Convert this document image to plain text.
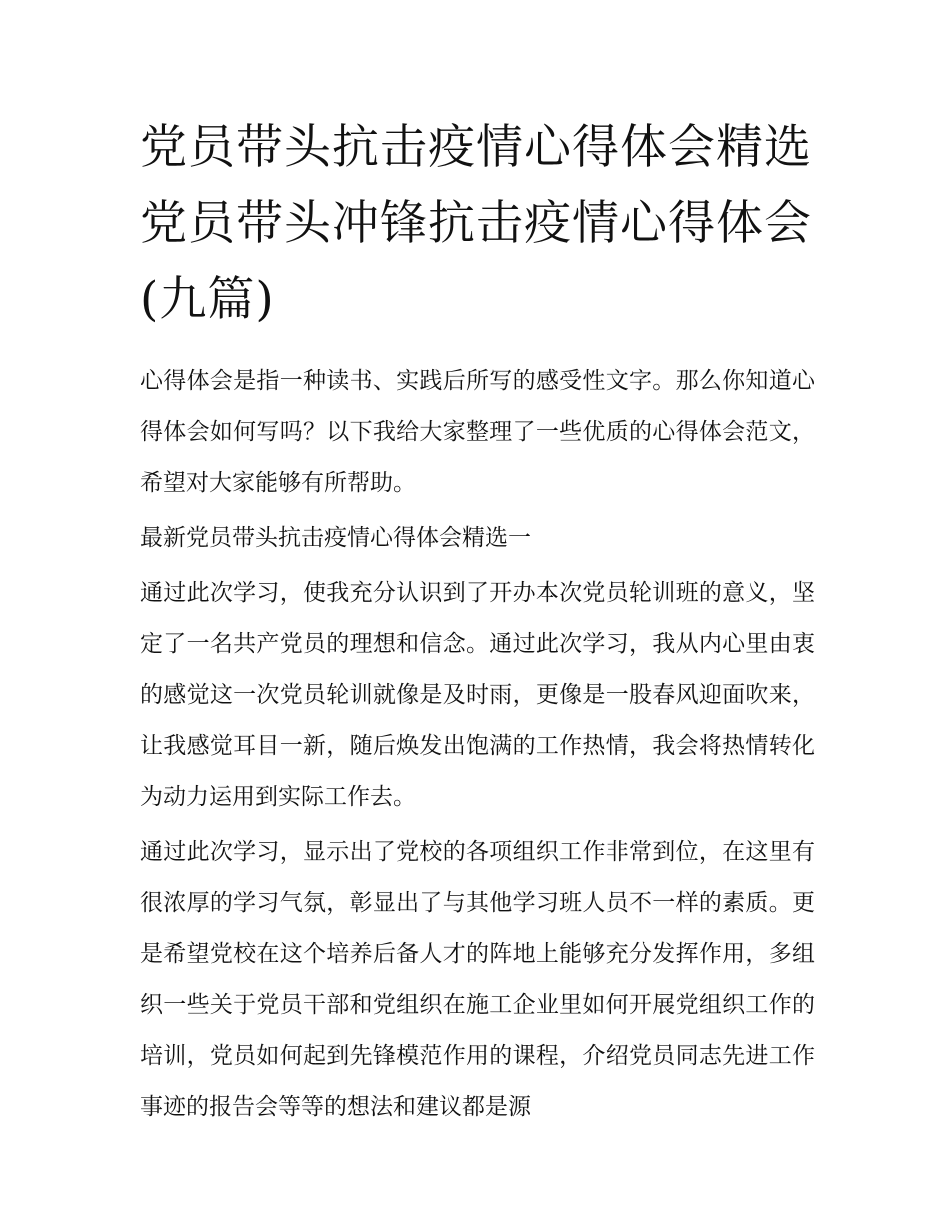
党员带头抗击疫情心得体会精选 党员带头冲锋抗击疫情心得体会(九篇)

心得体会是指一种读书、实践后所写的感受性文字。那么你知道心得体会如何写吗？以下我给大家整理了一些优质的心得体会范文，希望对大家能够有所帮助。

最新党员带头抗击疫情心得体会精选一

通过此次学习，使我充分认识到了开办本次党员轮训班的意义，坚定了一名共产党员的理想和信念。通过此次学习，我从内心里由衷的感觉这一次党员轮训就像是及时雨，更像是一股春风迎面吹来，让我感觉耳目一新，随后焕发出饱满的工作热情，我会将热情转化为动力运用到实际工作去。

通过此次学习，显示出了党校的各项组织工作非常到位，在这里有很浓厚的学习气氛，彰显出了与其他学习班人员不一样的素质。更是希望党校在这个培养后备人才的阵地上能够充分发挥作用，多组织一些关于党员干部和党组织在施工企业里如何开展党组织工作的培训，党员如何起到先锋模范作用的课程，介绍党员同志先进工作事迹的报告会等等的想法和建议都是源
